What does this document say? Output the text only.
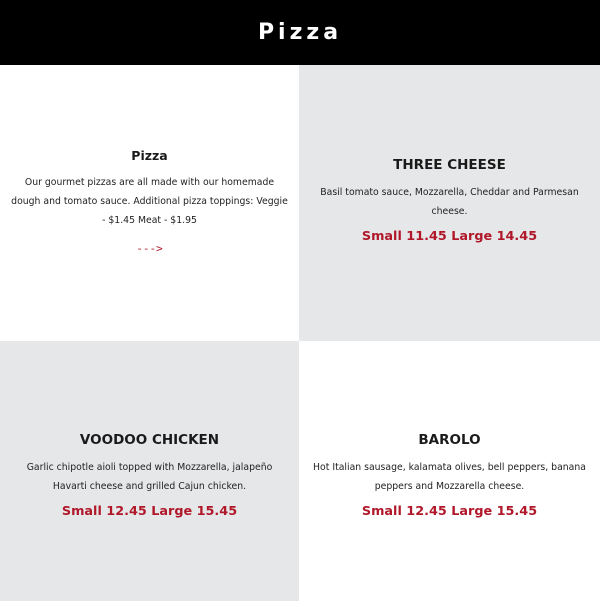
Pizza

Pizza

Our gourmet pizzas are all made with our homemade dough and tomato sauce. Additional pizza toppings: Veggie - $1.45 Meat - $1.95

--->

THREE CHEESE

Basil tomato sauce, Mozzarella, Cheddar and Parmesan cheese.

Small 11.45 Large 14.45

VOODOO CHICKEN

Garlic chipotle aioli topped with Mozzarella, jalapeño Havarti cheese and grilled Cajun chicken.

Small 12.45 Large 15.45

BAROLO

Hot Italian sausage, kalamata olives, bell peppers, banana peppers and Mozzarella cheese.

Small 12.45 Large 15.45
